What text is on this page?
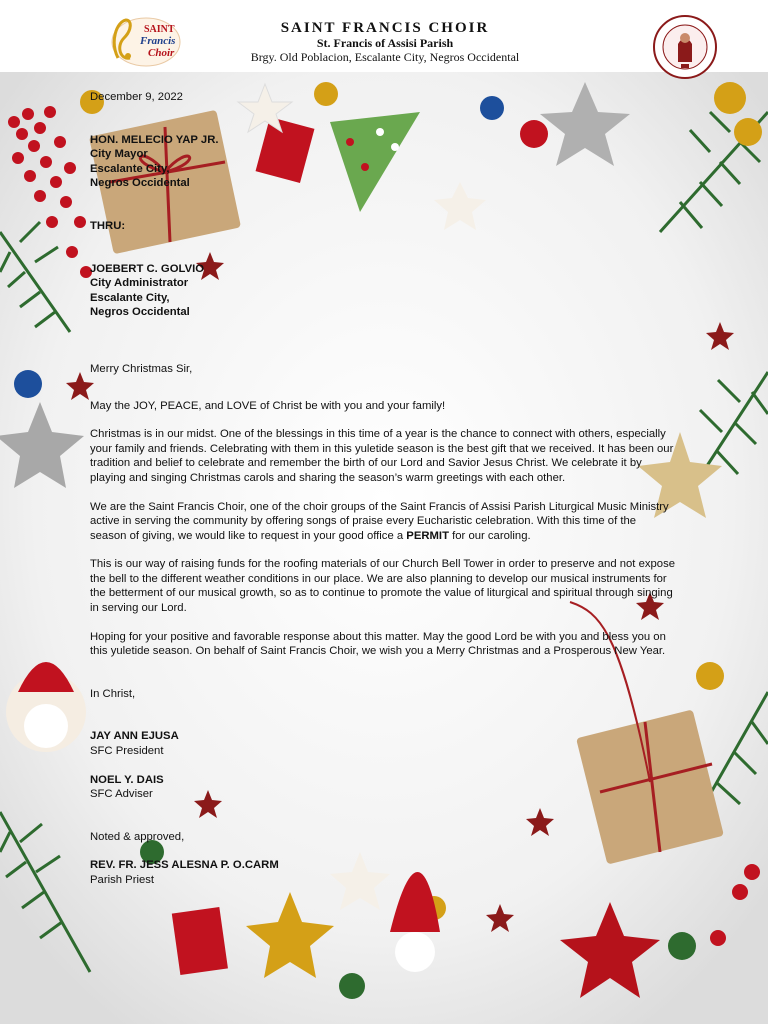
SAINT
Francis
Choir
SAINT FRANCIS CHOIR
St. Francis of Assisi Parish
Brgy. Old Poblacion, Escalante City, Negros Occidental

December 9, 2022

HON. MELECIO YAP JR.

City Mayor

Escalante City,

Negros Occidental

THRU:

JOEBERT C. GOLVIO

City Administrator

Escalante City,

Negros Occidental

Merry Christmas Sir,

May the JOY, PEACE, and LOVE of Christ be with you and your family!

Christmas is in our midst. One of the blessings in this time of a year is the chance to connect with others, especially your family and friends. Celebrating with them in this yuletide season is the best gift that we received. It has been our tradition and belief to celebrate and remember the birth of our Lord and Savior Jesus Christ. We celebrate it by playing and singing Christmas carols and sharing the season’s warm greetings with each other.

We are the Saint Francis Choir, one of the choir groups of the Saint Francis of Assisi Parish Liturgical Music Ministry active in serving the community by offering songs of praise every Eucharistic celebration. With this time of the season of giving, we would like to request in your good office a PERMIT for our caroling.

This is our way of raising funds for the roofing materials of our Church Bell Tower in order to preserve and not expose the bell to the different weather conditions in our place. We are also planning to develop our musical instruments for the betterment of our musical growth, so as to continue to promote the value of liturgical and spiritual through singing in serving our Lord.

Hoping for your positive and favorable response about this matter. May the good Lord be with you and bless you on this yuletide season. On behalf of Saint Francis Choir, we wish you a Merry Christmas and a Prosperous New Year.

In Christ,

JAY ANN EJUSA

SFC President

NOEL Y. DAIS

SFC Adviser

Noted & approved,

REV. FR. JESS ALESNA P. O.CARM

Parish Priest
